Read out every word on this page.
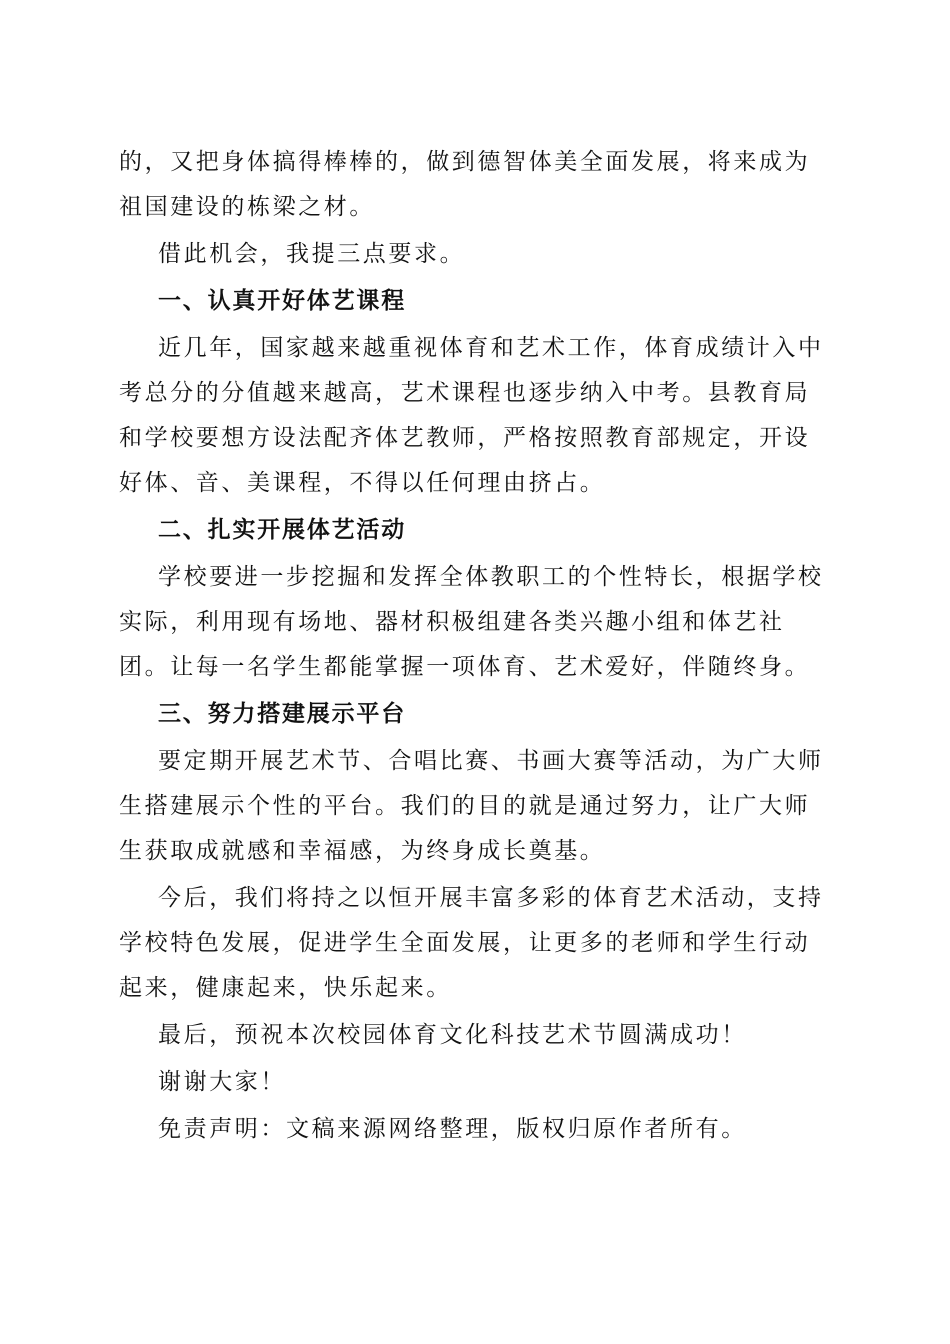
的，又把身体搞得棒棒的，做到德智体美全面发展，将来成为祖国建设的栋梁之材。

借此机会，我提三点要求。

一、认真开好体艺课程

近几年，国家越来越重视体育和艺术工作，体育成绩计入中考总分的分值越来越高，艺术课程也逐步纳入中考。县教育局和学校要想方设法配齐体艺教师，严格按照教育部规定，开设好体、音、美课程，不得以任何理由挤占。

二、扎实开展体艺活动

学校要进一步挖掘和发挥全体教职工的个性特长，根据学校实际，利用现有场地、器材积极组建各类兴趣小组和体艺社团。让每一名学生都能掌握一项体育、艺术爱好，伴随终身。

三、努力搭建展示平台

要定期开展艺术节、合唱比赛、书画大赛等活动，为广大师生搭建展示个性的平台。我们的目的就是通过努力，让广大师生获取成就感和幸福感，为终身成长奠基。

今后，我们将持之以恒开展丰富多彩的体育艺术活动，支持学校特色发展，促进学生全面发展，让更多的老师和学生行动起来，健康起来，快乐起来。

最后，预祝本次校园体育文化科技艺术节圆满成功！

谢谢大家！

免责声明：文稿来源网络整理，版权归原作者所有。
